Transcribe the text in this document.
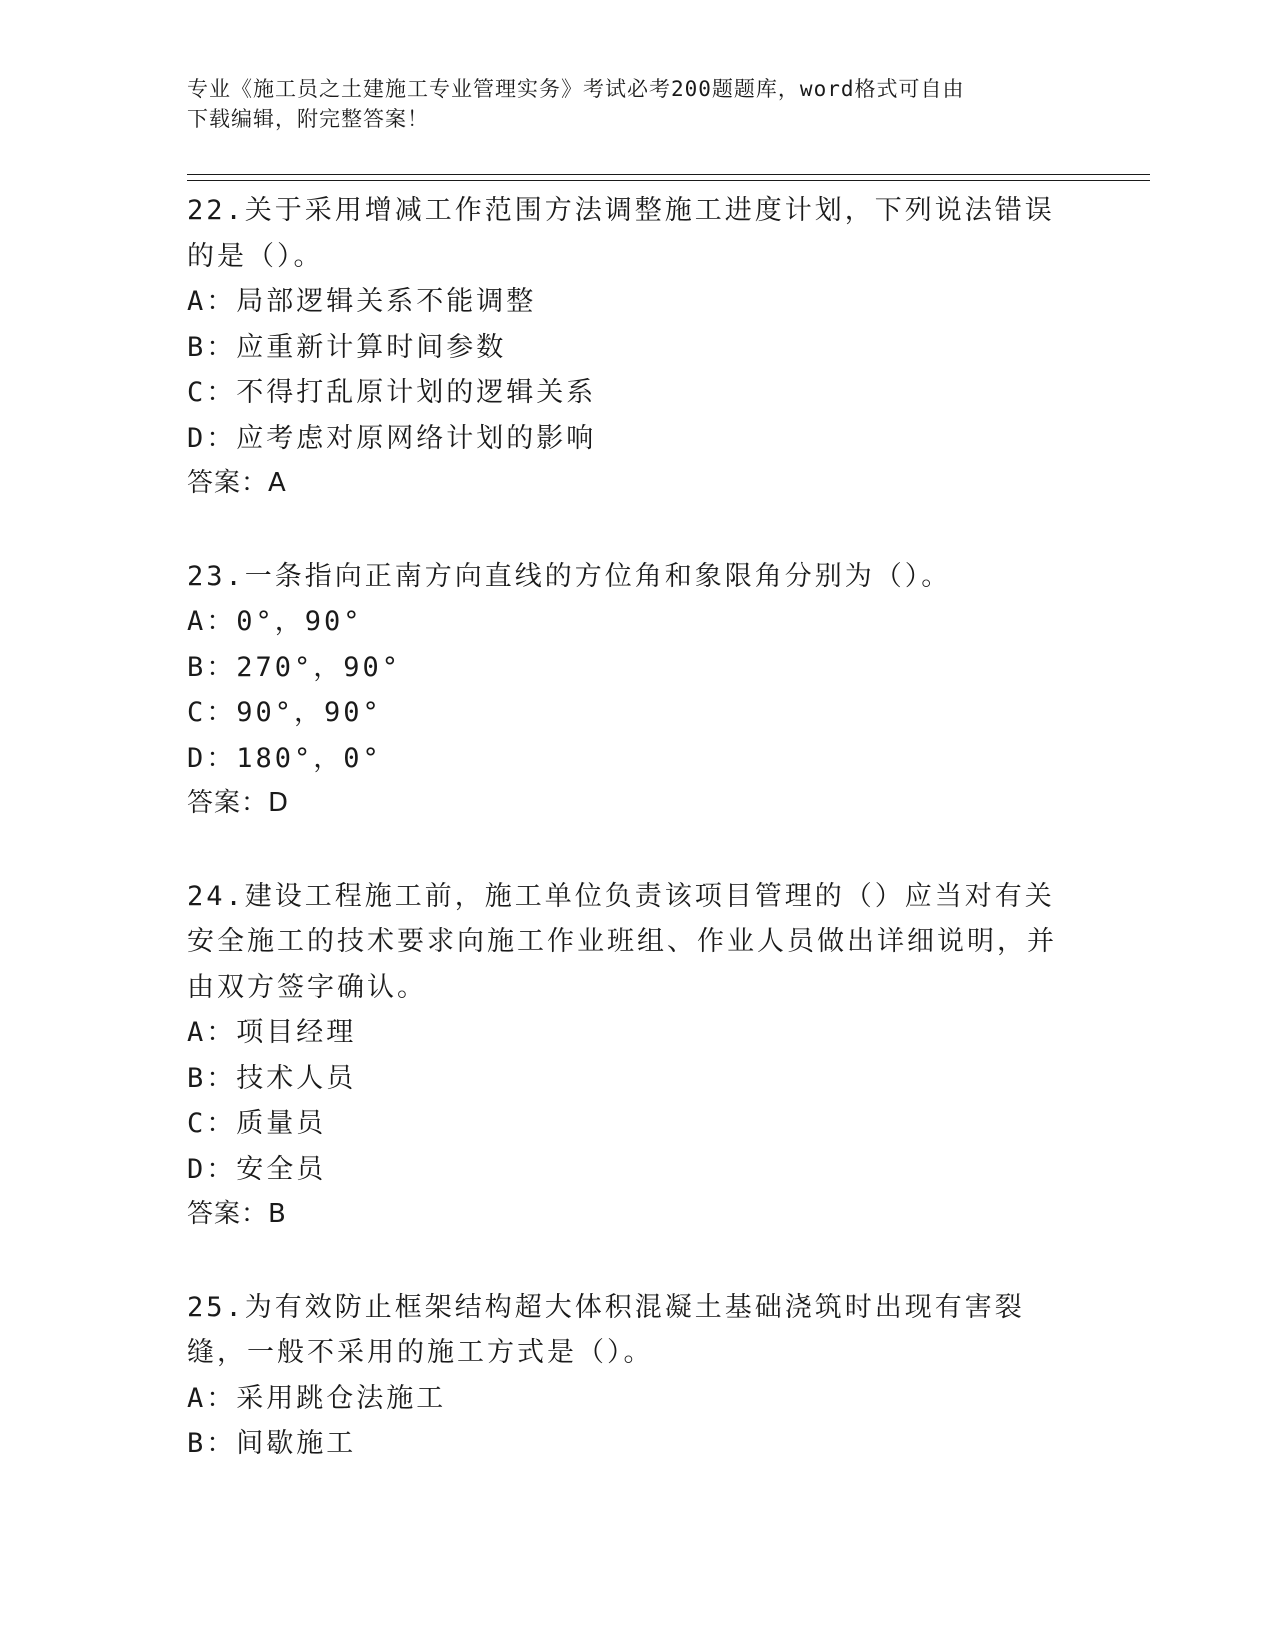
专业《施工员之土建施工专业管理实务》考试必考200题题库，word格式可自由
下载编辑，附完整答案！
22.关于采用增减工作范围方法调整施工进度计划，下列说法错误的是（）。
A：局部逻辑关系不能调整
B：应重新计算时间参数
C：不得打乱原计划的逻辑关系
D：应考虑对原网络计划的影响
答案：A
23.一条指向正南方向直线的方位角和象限角分别为（）。
A：0°，90°
B：270°，90°
C：90°，90°
D：180°，0°
答案：D
24.建设工程施工前，施工单位负责该项目管理的（）应当对有关安全施工的技术要求向施工作业班组、作业人员做出详细说明，并由双方签字确认。
A：项目经理
B：技术人员
C：质量员
D：安全员
答案：B
25.为有效防止框架结构超大体积混凝土基础浇筑时出现有害裂缝，一般不采用的施工方式是（）。
A：采用跳仓法施工
B：间歇施工
